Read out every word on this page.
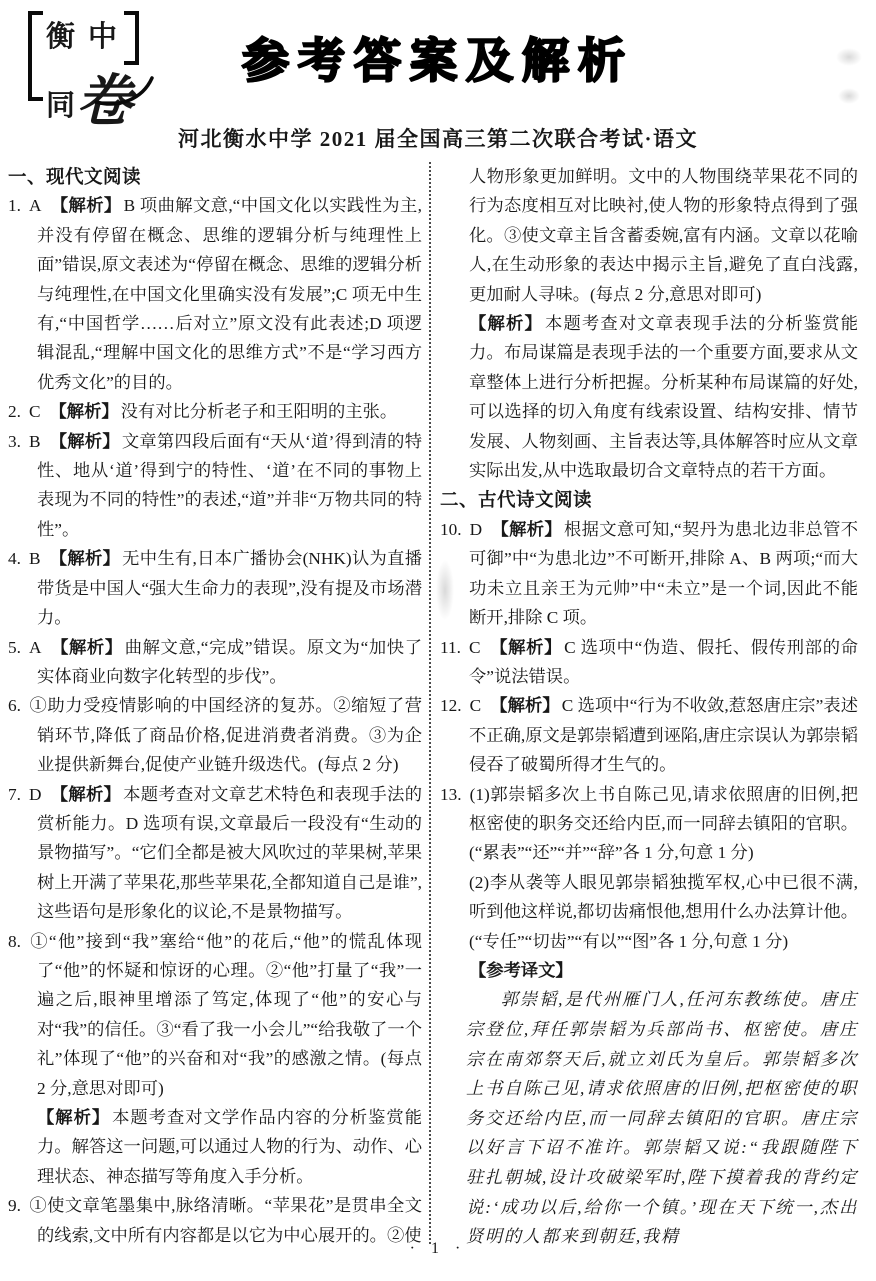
衡中
同卷
参考答案及解析
河北衡水中学 2021 届全国高三第二次联合考试·语文

一、现代文阅读

1. A 【解析】 B 项曲解文意,“中国文化以实践性为主,并没有停留在概念、思维的逻辑分析与纯理性上面”错误,原文表述为“停留在概念、思维的逻辑分析与纯理性,在中国文化里确实没有发展”;C 项无中生有,“中国哲学……后对立”原文没有此表述;D 项逻辑混乱,“理解中国文化的思维方式”不是“学习西方优秀文化”的目的。

2. C 【解析】 没有对比分析老子和王阳明的主张。

3. B 【解析】 文章第四段后面有“天从‘道’得到清的特性、地从‘道’得到宁的特性、‘道’在不同的事物上表现为不同的特性”的表述,“道”并非“万物共同的特性”。

4. B 【解析】 无中生有,日本广播协会(NHK)认为直播带货是中国人“强大生命力的表现”,没有提及市场潜力。

5. A 【解析】 曲解文意,“完成”错误。原文为“加快了实体商业向数字化转型的步伐”。

6. ①助力受疫情影响的中国经济的复苏。②缩短了营销环节,降低了商品价格,促进消费者消费。③为企业提供新舞台,促使产业链升级迭代。(每点 2 分)

7. D 【解析】 本题考查对文章艺术特色和表现手法的赏析能力。D 选项有误,文章最后一段没有“生动的景物描写”。“它们全都是被大风吹过的苹果树,苹果树上开满了苹果花,那些苹果花,全都知道自己是谁”,这些语句是形象化的议论,不是景物描写。

8. ①“他”接到“我”塞给“他”的花后,“他”的慌乱体现了“他”的怀疑和惊讶的心理。②“他”打量了“我”一遍之后,眼神里增添了笃定,体现了“他”的安心与对“我”的信任。③“看了我一小会儿”“给我敬了一个礼”体现了“他”的兴奋和对“我”的感激之情。(每点 2 分,意思对即可)

【解析】 本题考查对文学作品内容的分析鉴赏能力。解答这一问题,可以通过人物的行为、动作、心理状态、神态描写等角度入手分析。

9. ①使文章笔墨集中,脉络清晰。“苹果花”是贯串全文的线索,文中所有内容都是以它为中心展开的。②使

人物形象更加鲜明。文中的人物围绕苹果花不同的行为态度相互对比映衬,使人物的形象特点得到了强化。③使文章主旨含蓄委婉,富有内涵。文章以花喻人,在生动形象的表达中揭示主旨,避免了直白浅露,更加耐人寻味。(每点 2 分,意思对即可)

【解析】 本题考查对文章表现手法的分析鉴赏能力。布局谋篇是表现手法的一个重要方面,要求从文章整体上进行分析把握。分析某种布局谋篇的好处,可以选择的切入角度有线索设置、结构安排、情节发展、人物刻画、主旨表达等,具体解答时应从文章实际出发,从中选取最切合文章特点的若干方面。

二、古代诗文阅读

10. D 【解析】 根据文意可知,“契丹为患北边非总管不可御”中“为患北边”不可断开,排除 A、B 两项;“而大功未立且亲王为元帅”中“未立”是一个词,因此不能断开,排除 C 项。

11. C 【解析】 C 选项中“伪造、假托、假传刑部的命令”说法错误。

12. C 【解析】 C 选项中“行为不收敛,惹怒唐庄宗”表述不正确,原文是郭崇韬遭到诬陷,唐庄宗误认为郭崇韬侵吞了破蜀所得才生气的。

13. (1)郭崇韬多次上书自陈己见,请求依照唐的旧例,把枢密使的职务交还给内臣,而一同辞去镇阳的官职。(“累表”“还”“并”“辞”各 1 分,句意 1 分)

(2)李从袭等人眼见郭崇韬独揽军权,心中已很不满,听到他这样说,都切齿痛恨他,想用什么办法算计他。(“专任”“切齿”“有以”“图”各 1 分,句意 1 分)

【参考译文】

郭崇韬,是代州雁门人,任河东教练使。唐庄宗登位,拜任郭崇韬为兵部尚书、枢密使。唐庄宗在南郊祭天后,就立刘氏为皇后。郭崇韬多次上书自陈己见,请求依照唐的旧例,把枢密使的职务交还给内臣,而一同辞去镇阳的官职。唐庄宗以好言下诏不准许。郭崇韬又说:“我跟随陛下驻扎朝城,设计攻破梁军时,陛下摸着我的背约定说:‘成功以后,给你一个镇。’现在天下统一,杰出贤明的人都来到朝廷,我精

· 1 ·
